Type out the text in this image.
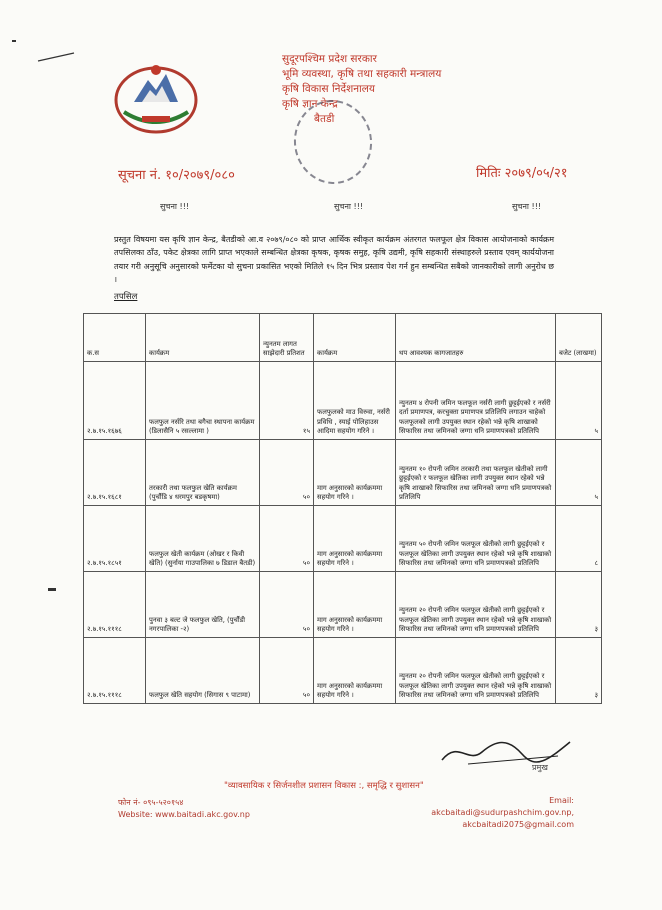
सुदूरपश्चिम प्रदेश सरकार
भूमि व्यवस्था, कृषि तथा सहकारी मन्त्रालय
कृषि विकास निर्देशनालय
कृषि ज्ञान केन्द्र
बैतडी
सूचना नं. १०/२०७९/०८०	मितिः २०७९/०५/२१
सुचना !!!	सुचना !!!	सुचना !!!
प्रस्तुत विषयमा यस कृषि ज्ञान केन्द्र, बैतडीको आ.व २०७९/०८० को प्राप्त आर्थिक स्वीकृत कार्यक्रम अंतरगत फलफूल क्षेत्र विकास आयोजनाको कार्यक्रम तपसिलका ठाँउ, पकेट क्षेत्रका लागि प्राप्त भएकाले सम्बन्धित क्षेत्रका कृषक, कृषक समुह, कृषि उद्यमी, कृषि सहकारी संस्थाहरुले प्रस्ताव एवम् कार्ययोजना तयार गरी अनुसूचि अनुसारको फर्मेटका यो सुचना प्रकासित भएको मितिले १५ दिन भित्र प्रस्ताव पेश गर्न हुन सम्बन्धित सबैको जानकारीको लागी अनुरोध छ ।
तपसिल
क.स	कार्यक्रम	न्युनतम लागत साझेदारी प्रतिशत	कार्यक्रम	थप आवश्यक कागजातहरु	बजेट (लाखमा)
२.७.१५.१६७६	फलफुल नर्सरि तथा बगैचा स्थापना कार्यक्रम (डिलासैनि ५ रसल्लामा )	१५	फलफुलको माउ विरुवा, नर्सरी प्रविधि , स्याई पोलिहाउस आदिमा सहयोग गरिने ।	न्युनतम ४ रोपनी जमिन फलफूल नर्सरी लागी छुट्टईएको र नर्सरी दर्ता प्रमाणपत्र, करचुक्ता प्रमाणपत्र प्रतिलिपि लगाउन चाहेको फलफूलको लागी उपयुक्त स्थान रहेको भन्ने कृषि शाखाको सिफारिस तथा जमिनको जग्गा धनि प्रमाणपत्रको प्रतिलिपि	५
२.७.१५.१६८१	तरकारी तथा फलफुल खेति कार्यक्रम (पुर्चौडि ४ धरमपुर बडकृषमा)	५०	माग अनुसारको कार्यक्रममा सहयोग गरिने ।	न्युनतम १० रोपनी जमिन तरकारी तथा फलफूल खेतीको लागी छुट्टईएको र फलफूल खेतिका लागी उपयुक्त स्थान रहेको भन्ने कृषि शाखाको सिफारिस तथा जमिनको जग्गा धनि प्रमाणपत्रको प्रतिलिपि	५
२.७.१५.१८५१	फलफुल खेती कार्यक्रम (ओखर र किवी खेति) (सुर्नाया गाउपालिका ७ डिडाल बैतडी)	५०	माग अनुसारको कार्यक्रममा सहयोग गरिने ।	न्युनतम ५० रोपनी जमिन फलफूल खेतीको लागी छुट्टईएको र फलफूल खेतिका लागी उपयुक्त स्थान रहेको भन्ने कृषि शाखाको सिफारिस तथा जमिनको जग्गा धनि प्रमाणपत्रको प्रतिलिपि	८
२.७.१५.१११८	पुनवा ३ बल्ट जे फलफुल खेति, (पुर्चौडी नगरपालिका -२)	५०	माग अनुसारको कार्यक्रममा सहयोग गरिने ।	न्युनतम २० रोपनी जमिन फलफूल खेतीको लागी छुट्टईएको र फलफूल खेतिका लागी उपयुक्त स्थान रहेको भन्ने कृषि शाखाको सिफारिस तथा जमिनको जग्गा धनि प्रमाणपत्रको प्रतिलिपि	३
२.७.१५.१११८	फलफुल खेति सहयोग (सिगास ९ पाटामा)	५०	माग अनुसारको कार्यक्रममा सहयोग गरिने ।	न्युनतम २० रोपनी जमिन फलफूल खेतीको लागी छुट्टईएको र फलफूल खेतिका लागी उपयुक्त स्थान रहेको भन्ने कृषि शाखाको सिफारिस तथा जमिनको जग्गा धनि प्रमाणपत्रको प्रतिलिपि	३
प्रमुख
"व्यावसायिक र सिर्जनशील प्रशासन विकास :, समृद्धि र सुशासन"
फोन नं- ०९५-५२०१५४
Website: www.baitadi.akc.gov.np
Email: akcbaitadi@sudurpashchim.gov.np,
akcbaitadi2075@gmail.com
